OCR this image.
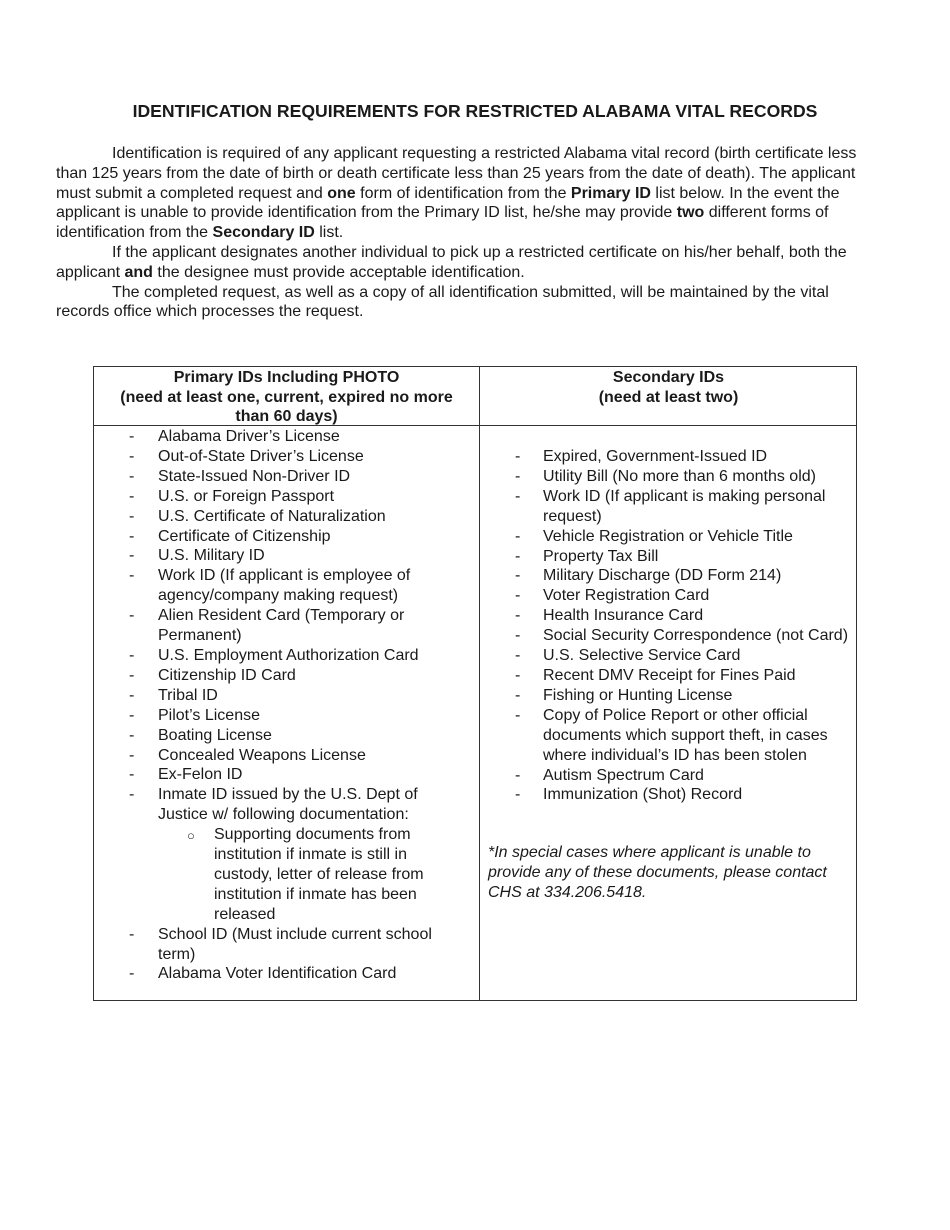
IDENTIFICATION REQUIREMENTS FOR RESTRICTED ALABAMA VITAL RECORDS

Identification is required of any applicant requesting a restricted Alabama vital record (birth certificate less than 125 years from the date of birth or death certificate less than 25 years from the date of death). The applicant must submit a completed request and one form of identification from the Primary ID list below. In the event the applicant is unable to provide identification from the Primary ID list, he/she may provide two different forms of identification from the Secondary ID list.

If the applicant designates another individual to pick up a restricted certificate on his/her behalf, both the applicant and the designee must provide acceptable identification.

The completed request, as well as a copy of all identification submitted, will be maintained by the vital records office which processes the request.

Primary IDs Including PHOTO
(need at least one, current, expired no more
than 60 days)
Secondary IDs
(need at least two)
- Alabama Driver’s License
- Out-of-State Driver’s License
- State-Issued Non-Driver ID
- U.S. or Foreign Passport
- U.S. Certificate of Naturalization
- Certificate of Citizenship
- U.S. Military ID
- Work ID (If applicant is employee of agency/company making request)
- Alien Resident Card (Temporary or Permanent)
- U.S. Employment Authorization Card
- Citizenship ID Card
- Tribal ID
- Pilot’s License
- Boating License
- Concealed Weapons License
- Ex-Felon ID
- Inmate ID issued by the U.S. Dept of Justice w/ following documentation:
○ Supporting documents from institution if inmate is still in custody, letter of release from institution if inmate has been released
- School ID (Must include current school term)
- Alabama Voter Identification Card
- Expired, Government-Issued ID
- Utility Bill (No more than 6 months old)
- Work ID (If applicant is making personal request)
- Vehicle Registration or Vehicle Title
- Property Tax Bill
- Military Discharge (DD Form 214)
- Voter Registration Card
- Health Insurance Card
- Social Security Correspondence (not Card)
- U.S. Selective Service Card
- Recent DMV Receipt for Fines Paid
- Fishing or Hunting License
- Copy of Police Report or other official documents which support theft, in cases where individual’s ID has been stolen
- Autism Spectrum Card
- Immunization (Shot) Record

*In special cases where applicant is unable to provide any of these documents, please contact CHS at 334.206.5418.
